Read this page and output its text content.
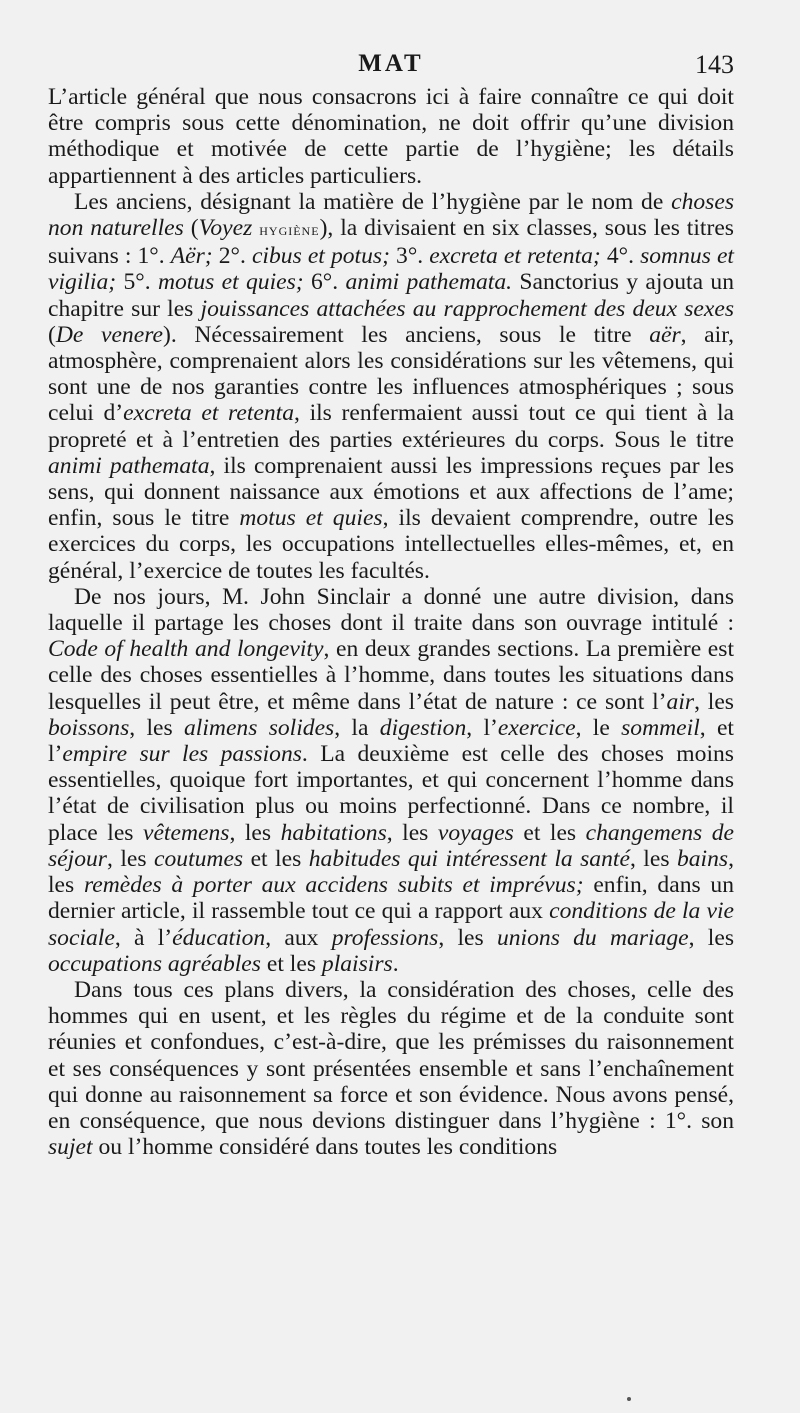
MAT	143

L’article général que nous consacrons ici à faire connaître ce qui doit être compris sous cette dénomination, ne doit offrir qu’une division méthodique et motivée de cette partie de l’hygiène; les détails appartiennent à des articles particuliers.

Les anciens, désignant la matière de l’hygiène par le nom de choses non naturelles (Voyez hygiène), la divisaient en six classes, sous les titres suivans : 1°. Aër; 2°. cibus et potus; 3°. excreta et retenta; 4°. somnus et vigilia; 5°. motus et quies; 6°. animi pathemata. Sanctorius y ajouta un chapitre sur les jouissances attachées au rapprochement des deux sexes (De venere). Nécessairement les anciens, sous le titre aër, air, atmosphère, comprenaient alors les considérations sur les vêtemens, qui sont une de nos garanties contre les influences atmosphériques ; sous celui d’excreta et retenta, ils renfermaient aussi tout ce qui tient à la propreté et à l’entretien des parties extérieures du corps. Sous le titre animi pathemata, ils comprenaient aussi les impressions reçues par les sens, qui donnent naissance aux émotions et aux affections de l’ame; enfin, sous le titre motus et quies, ils devaient comprendre, outre les exercices du corps, les occupations intellectuelles elles-mêmes, et, en général, l’exercice de toutes les facultés.

De nos jours, M. John Sinclair a donné une autre division, dans laquelle il partage les choses dont il traite dans son ouvrage intitulé : Code of health and longevity, en deux grandes sections. La première est celle des choses essentielles à l’homme, dans toutes les situations dans lesquelles il peut être, et même dans l’état de nature : ce sont l’air, les boissons, les alimens solides, la digestion, l’exercice, le sommeil, et l’empire sur les passions. La deuxième est celle des choses moins essentielles, quoique fort importantes, et qui concernent l’homme dans l’état de civilisation plus ou moins perfectionné. Dans ce nombre, il place les vêtemens, les habitations, les voyages et les changemens de séjour, les coutumes et les habitudes qui intéressent la santé, les bains, les remèdes à porter aux accidens subits et imprévus; enfin, dans un dernier article, il rassemble tout ce qui a rapport aux conditions de la vie sociale, à l’éducation, aux professions, les unions du mariage, les occupations agréables et les plaisirs.

Dans tous ces plans divers, la considération des choses, celle des hommes qui en usent, et les règles du régime et de la conduite sont réunies et confondues, c’est-à-dire, que les prémisses du raisonnement et ses conséquences y sont présentées ensemble et sans l’enchaînement qui donne au raisonnement sa force et son évidence. Nous avons pensé, en conséquence, que nous devions distinguer dans l’hygiène : 1°. son sujet ou l’homme considéré dans toutes les conditions
